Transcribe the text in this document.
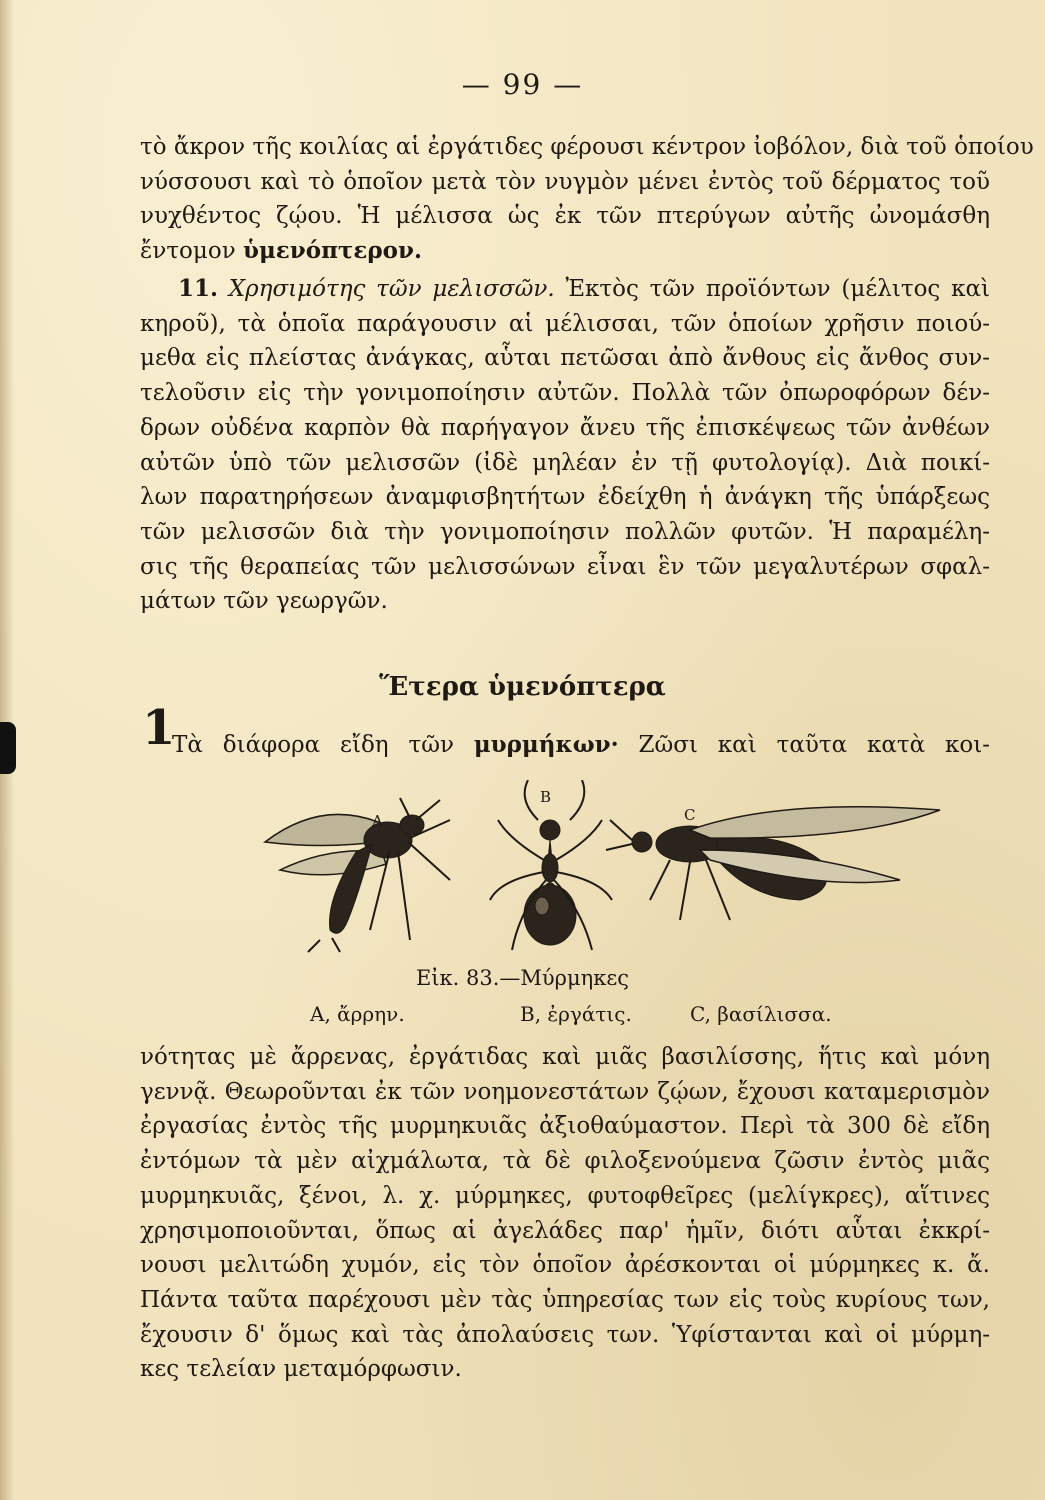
— 99 —
τὸ ἄκρον τῆς κοιλίας αἱ ἐργάτιδες φέρουσι κέντρον ἰοβόλον, διὰ τοῦ ὁποίου
νύσσουσι καὶ τὸ ὁποῖον μετὰ τὸν νυγμὸν μένει ἐντὸς τοῦ δέρματος τοῦ
νυχθέντος ζῴου. Ἡ μέλισσα ὡς ἐκ τῶν πτερύγων αὐτῆς ὠνομάσθη
ἔντομον ὑμενόπτερον.
11. Χρησιμότης τῶν μελισσῶν. Ἐκτὸς τῶν προϊόντων (μέλιτος καὶ
κηροῦ), τὰ ὁποῖα παράγουσιν αἱ μέλισσαι, τῶν ὁποίων χρῆσιν ποιού-
μεθα εἰς πλείστας ἀνάγκας, αὗται πετῶσαι ἀπὸ ἄνθους εἰς ἄνθος συν-
τελοῦσιν εἰς τὴν γονιμοποίησιν αὐτῶν. Πολλὰ τῶν ὀπωροφόρων δέν-
δρων οὐδένα καρπὸν θὰ παρήγαγον ἄνευ τῆς ἐπισκέψεως τῶν ἀνθέων
αὐτῶν ὑπὸ τῶν μελισσῶν (ἰδὲ μηλέαν ἐν τῇ φυτολογίᾳ). Διὰ ποικί-
λων παρατηρήσεων ἀναμφισβητήτων ἐδείχθη ἡ ἀνάγκη τῆς ὑπάρξεως
τῶν μελισσῶν διὰ τὴν γονιμοποίησιν πολλῶν φυτῶν. Ἡ παραμέλη-
σις τῆς θεραπείας τῶν μελισσώνων εἶναι ἓν τῶν μεγαλυτέρων σφαλ-
μάτων τῶν γεωργῶν.
Ἕτερα ὑμενόπτερα
1
Τὰ διάφορα εἴδη τῶν μυρμήκων· Ζῶσι καὶ ταῦτα κατὰ κοι-
A
B
C
Εἰκ. 83.—Μύρμηκες
A, ἄρρην.	B, ἐργάτις.	C, βασίλισσα.
νότητας μὲ ἄρρενας, ἐργάτιδας καὶ μιᾶς βασιλίσσης, ἥτις καὶ μόνη
γεννᾷ. Θεωροῦνται ἐκ τῶν νοημονεστάτων ζῴων, ἔχουσι καταμερισμὸν
ἐργασίας ἐντὸς τῆς μυρμηκυιᾶς ἀξιοθαύμαστον. Περὶ τὰ 300 δὲ εἴδη
ἐντόμων τὰ μὲν αἰχμάλωτα, τὰ δὲ φιλοξενούμενα ζῶσιν ἐντὸς μιᾶς
μυρμηκυιᾶς, ξένοι, λ. χ. μύρμηκες, φυτοφθεῖρες (μελίγκρες), αἵτινες
χρησιμοποιοῦνται, ὅπως αἱ ἀγελάδες παρ' ἡμῖν, διότι αὗται ἐκκρί-
νουσι μελιτώδη χυμόν, εἰς τὸν ὁποῖον ἀρέσκονται οἱ μύρμηκες κ. ἄ.
Πάντα ταῦτα παρέχουσι μὲν τὰς ὑπηρεσίας των εἰς τοὺς κυρίους των,
ἔχουσιν δ' ὅμως καὶ τὰς ἀπολαύσεις των. Ὑφίστανται καὶ οἱ μύρμη-
κες τελείαν μεταμόρφωσιν.
